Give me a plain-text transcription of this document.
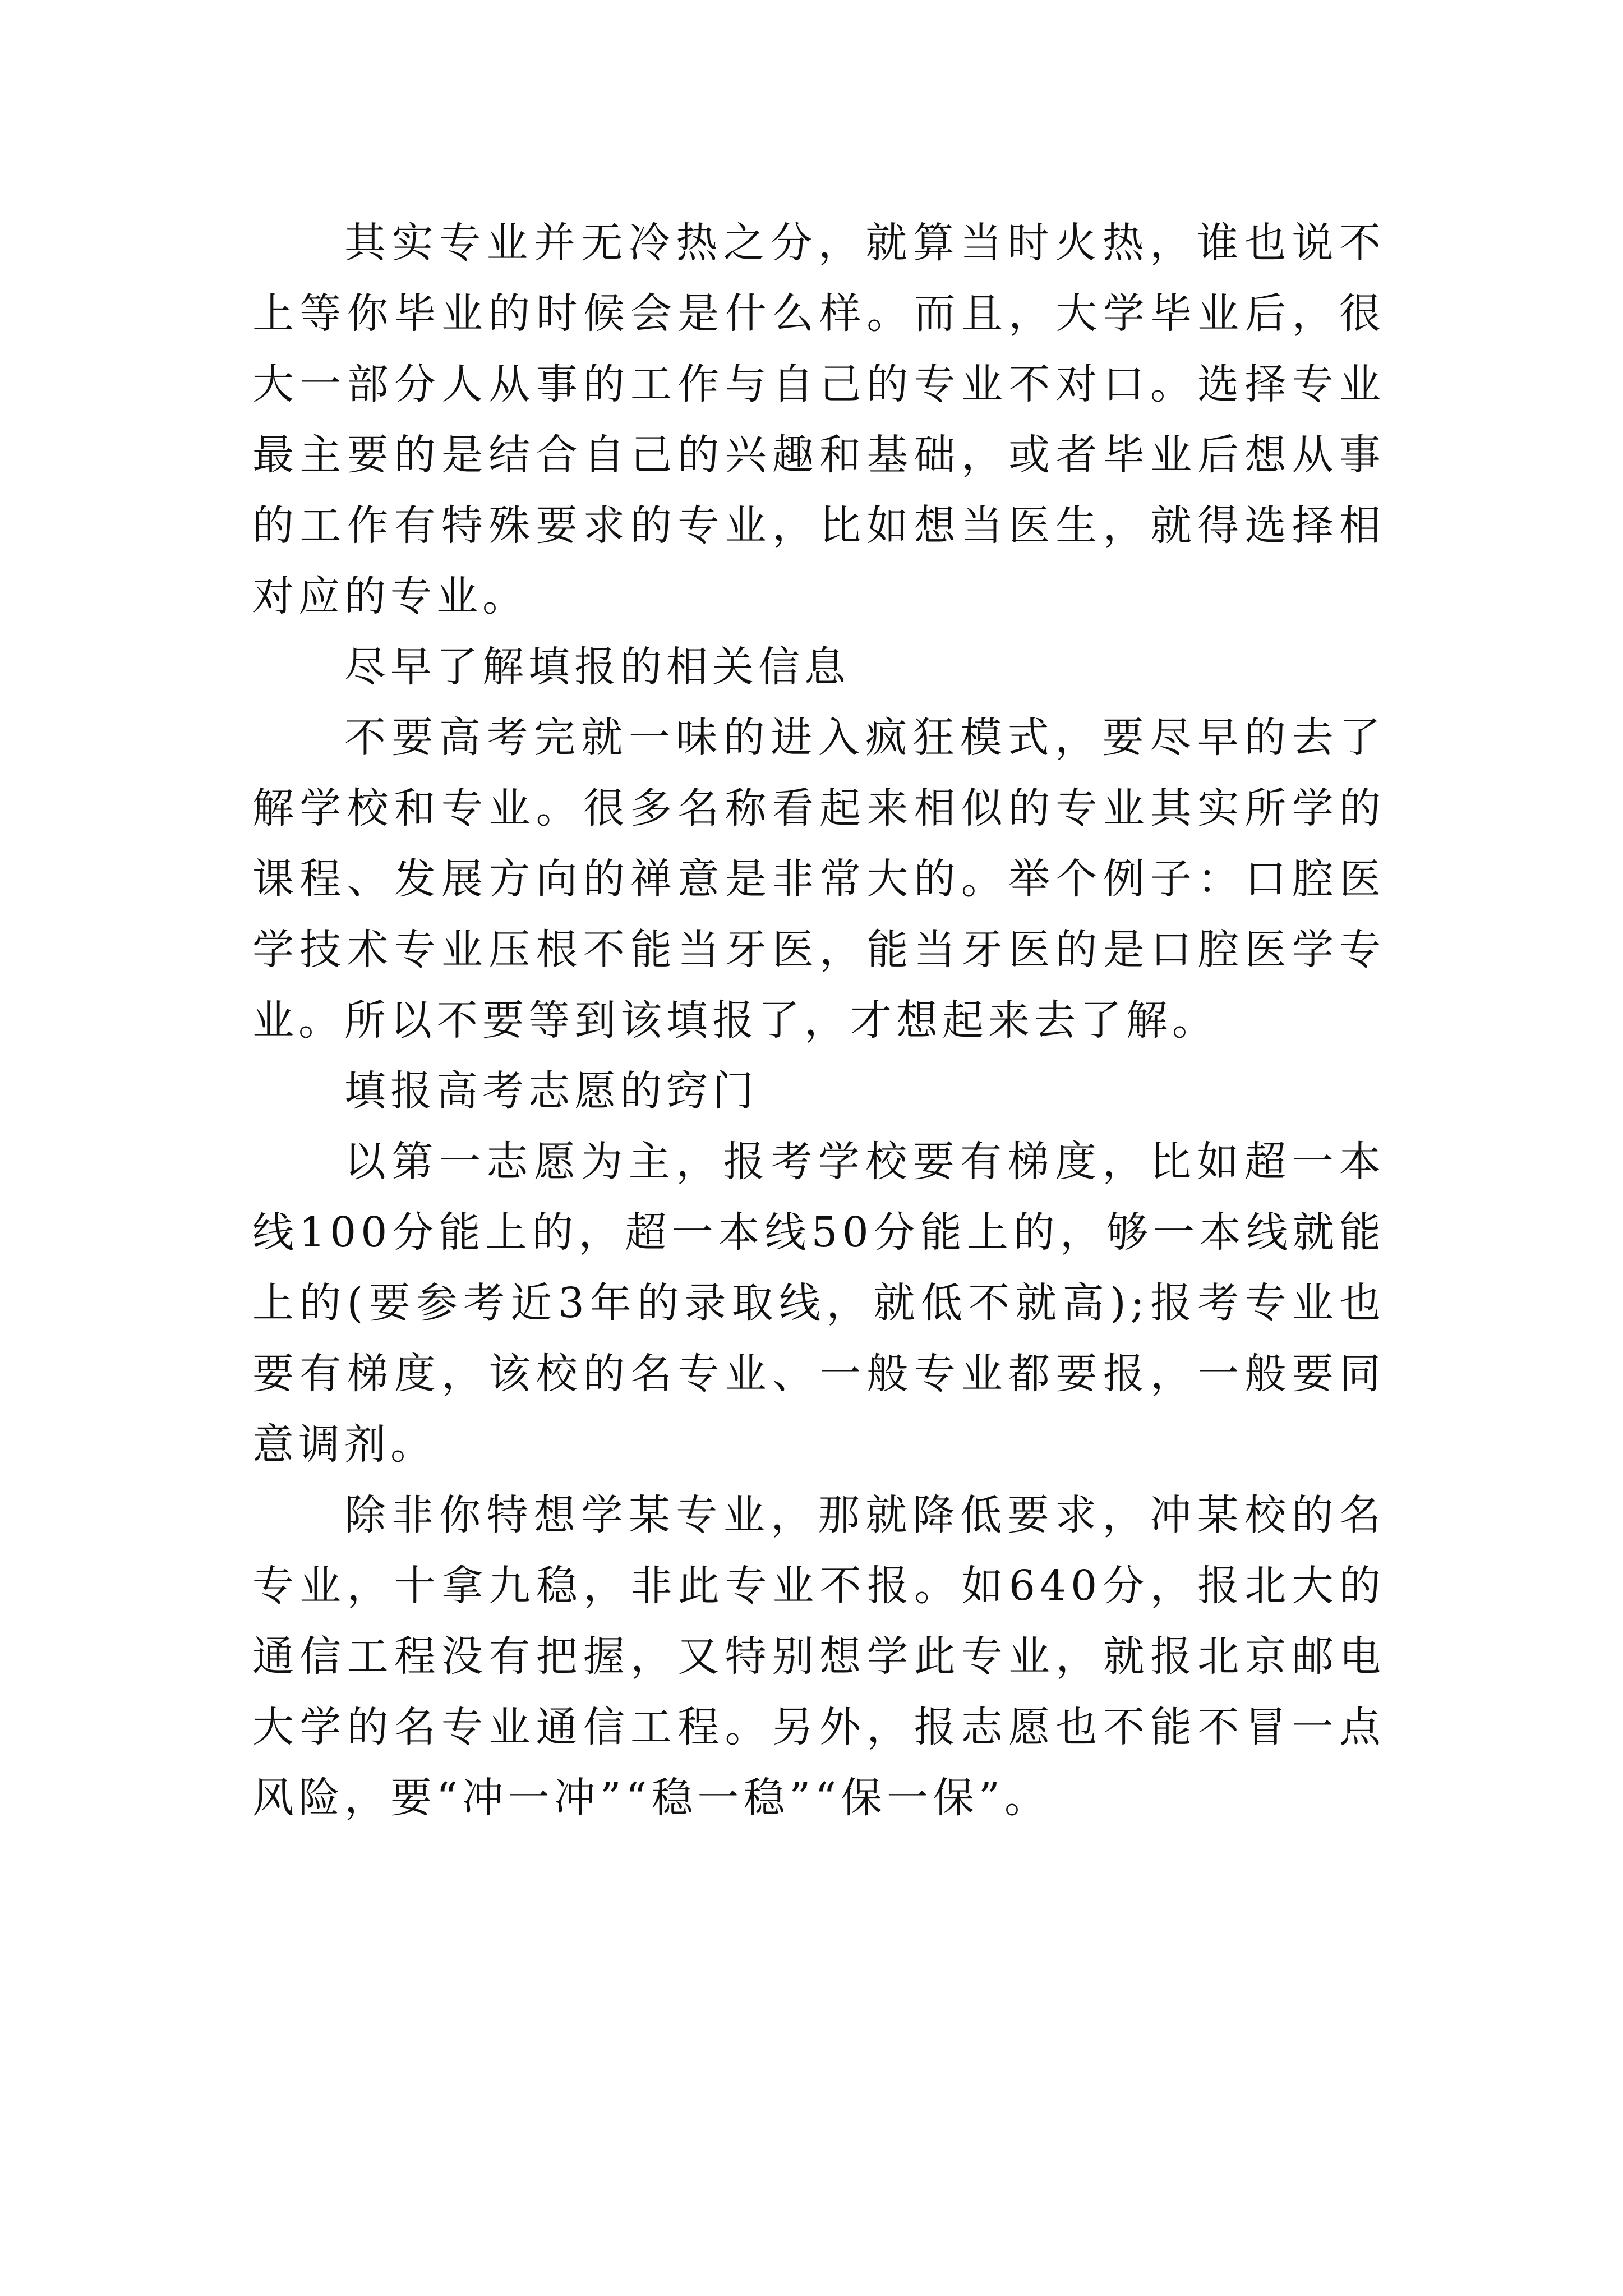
其实专业并无冷热之分，就算当时火热，谁也说不上等你毕业的时候会是什么样。而且，大学毕业后，很大一部分人从事的工作与自己的专业不对口。选择专业最主要的是结合自己的兴趣和基础，或者毕业后想从事的工作有特殊要求的专业，比如想当医生，就得选择相对应的专业。

尽早了解填报的相关信息

不要高考完就一味的进入疯狂模式，要尽早的去了解学校和专业。很多名称看起来相似的专业其实所学的课程、发展方向的禅意是非常大的。举个例子：口腔医学技术专业压根不能当牙医，能当牙医的是口腔医学专业。所以不要等到该填报了，才想起来去了解。

填报高考志愿的窍门

以第一志愿为主，报考学校要有梯度，比如超一本线100分能上的，超一本线50分能上的，够一本线就能上的(要参考近3年的录取线，就低不就高);报考专业也要有梯度，该校的名专业、一般专业都要报，一般要同意调剂。

除非你特想学某专业，那就降低要求，冲某校的名专业，十拿九稳，非此专业不报。如640分，报北大的通信工程没有把握，又特别想学此专业，就报北京邮电大学的名专业通信工程。另外，报志愿也不能不冒一点风险，要“冲一冲”“稳一稳”“保一保”。
